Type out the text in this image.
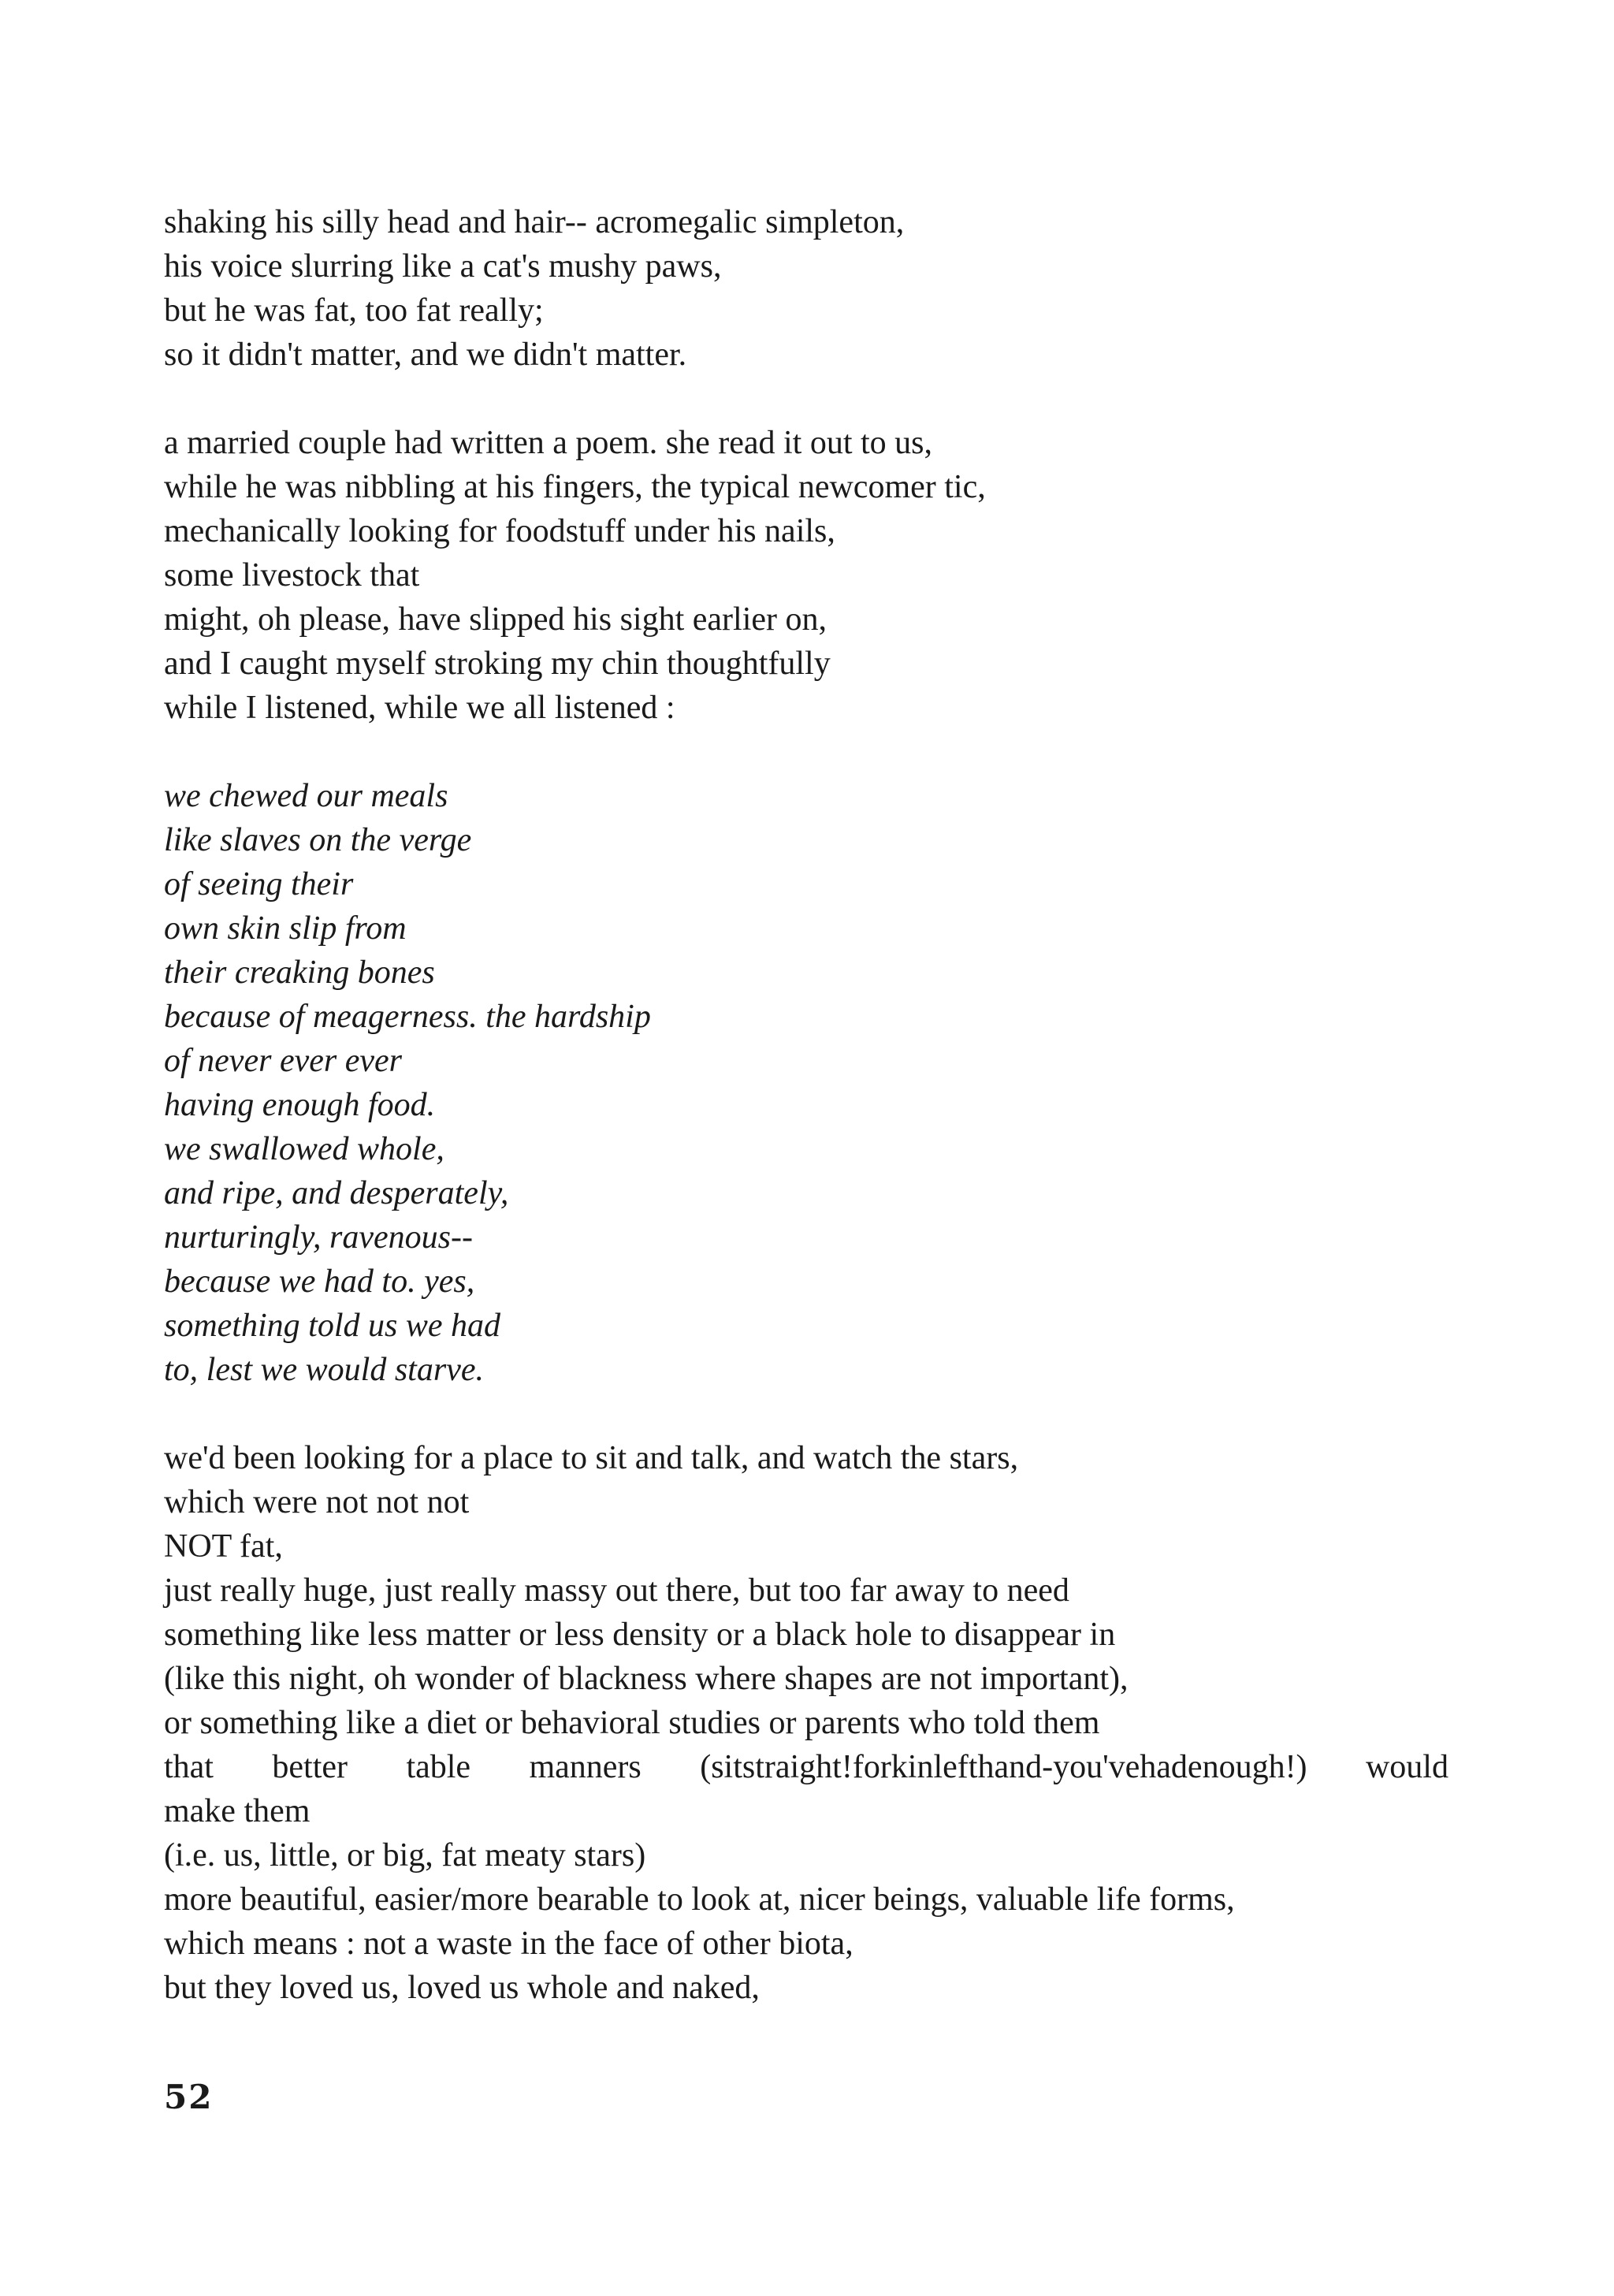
shaking his silly head and hair-- acromegalic simpleton,
his voice slurring like a cat's mushy paws,
but he was fat, too fat really;
so it didn't matter, and we didn't matter.
a married couple had written a poem. she read it out to us,
while he was nibbling at his fingers, the typical newcomer tic,
mechanically looking for foodstuff under his nails,
some livestock that
might, oh please, have slipped his sight earlier on,
and I caught myself stroking my chin thoughtfully
while I listened, while we all listened :
we chewed our meals
like slaves on the verge
of seeing their
own skin slip from
their creaking bones
because of meagerness. the hardship
of never ever ever
having enough food.
we swallowed whole,
and ripe, and desperately,
nurturingly, ravenous--
because we had to. yes,
something told us we had
to, lest we would starve.
we'd been looking for a place to sit and talk, and watch the stars,
which were not not not
NOT fat,
just really huge, just really massy out there, but too far away to need
something like less matter or less density or a black hole to disappear in
(like this night, oh wonder of blackness where shapes are not important),
or something like a diet or behavioral studies or parents who told them
that better table manners (sitstraight!forkinlefthand-you'vehadenough!) would
make them
(i.e. us, little, or big, fat meaty stars)
more beautiful, easier/more bearable to look at, nicer beings, valuable life forms,
which means : not a waste in the face of other biota,
but they loved us, loved us whole and naked,
52
